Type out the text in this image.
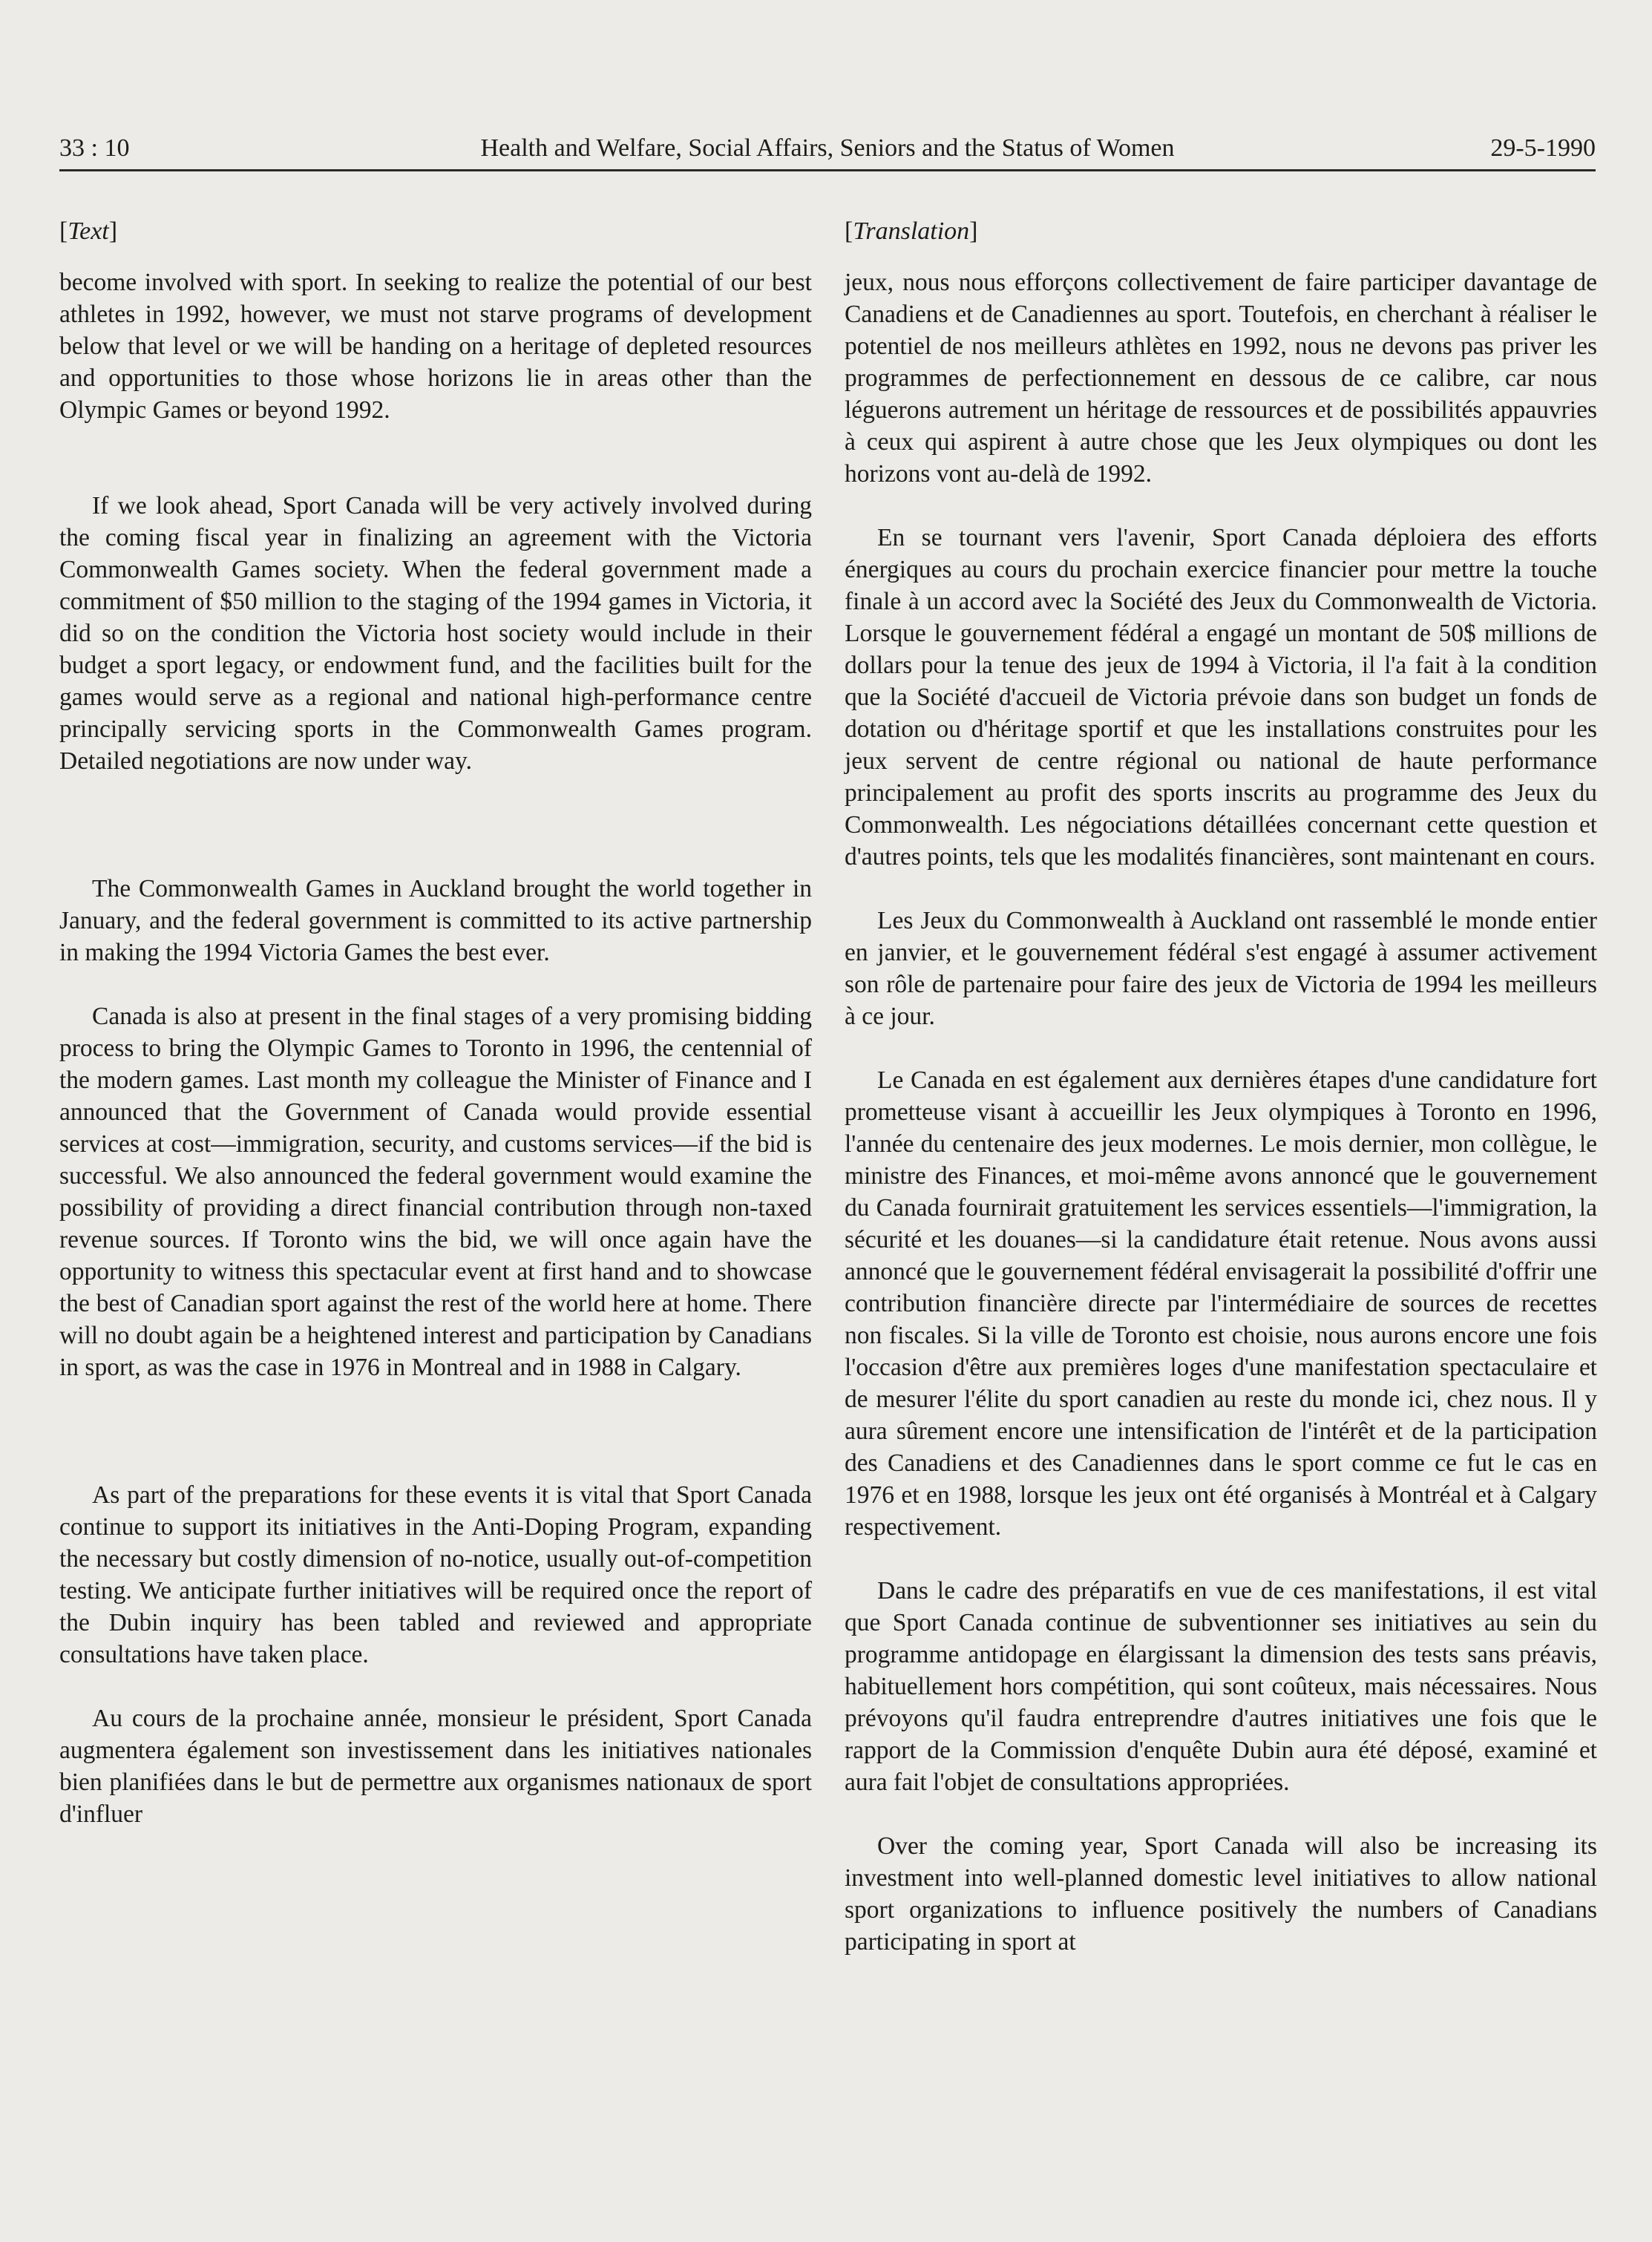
33 : 10	Health and Welfare, Social Affairs, Seniors and the Status of Women	29-5-1990

[Text]

become involved with sport. In seeking to realize the potential of our best athletes in 1992, however, we must not starve programs of development below that level or we will be handing on a heritage of depleted resources and opportunities to those whose horizons lie in areas other than the Olympic Games or beyond 1992.

If we look ahead, Sport Canada will be very actively involved during the coming fiscal year in finalizing an agreement with the Victoria Commonwealth Games society. When the federal government made a commitment of $50 million to the staging of the 1994 games in Victoria, it did so on the condition the Victoria host society would include in their budget a sport legacy, or endowment fund, and the facilities built for the games would serve as a regional and national high-performance centre principally servicing sports in the Commonwealth Games program. Detailed negotiations are now under way.

The Commonwealth Games in Auckland brought the world together in January, and the federal government is committed to its active partnership in making the 1994 Victoria Games the best ever.

Canada is also at present in the final stages of a very promising bidding process to bring the Olympic Games to Toronto in 1996, the centennial of the modern games. Last month my colleague the Minister of Finance and I announced that the Government of Canada would provide essential services at cost—immigration, security, and customs services—if the bid is successful. We also announced the federal government would examine the possibility of providing a direct financial contribution through non-taxed revenue sources. If Toronto wins the bid, we will once again have the opportunity to witness this spectacular event at first hand and to showcase the best of Canadian sport against the rest of the world here at home. There will no doubt again be a heightened interest and participation by Canadians in sport, as was the case in 1976 in Montreal and in 1988 in Calgary.

As part of the preparations for these events it is vital that Sport Canada continue to support its initiatives in the Anti-Doping Program, expanding the necessary but costly dimension of no-notice, usually out-of-competition testing. We anticipate further initiatives will be required once the report of the Dubin inquiry has been tabled and reviewed and appropriate consultations have taken place.

Au cours de la prochaine année, monsieur le président, Sport Canada augmentera également son investissement dans les initiatives nationales bien planifiées dans le but de permettre aux organismes nationaux de sport d'influer

[Translation]

jeux, nous nous efforçons collectivement de faire participer davantage de Canadiens et de Canadiennes au sport. Toutefois, en cherchant à réaliser le potentiel de nos meilleurs athlètes en 1992, nous ne devons pas priver les programmes de perfectionnement en dessous de ce calibre, car nous léguerons autrement un héritage de ressources et de possibilités appauvries à ceux qui aspirent à autre chose que les Jeux olympiques ou dont les horizons vont au-delà de 1992.

En se tournant vers l'avenir, Sport Canada déploiera des efforts énergiques au cours du prochain exercice financier pour mettre la touche finale à un accord avec la Société des Jeux du Commonwealth de Victoria. Lorsque le gouvernement fédéral a engagé un montant de 50$ millions de dollars pour la tenue des jeux de 1994 à Victoria, il l'a fait à la condition que la Société d'accueil de Victoria prévoie dans son budget un fonds de dotation ou d'héritage sportif et que les installations construites pour les jeux servent de centre régional ou national de haute performance principalement au profit des sports inscrits au programme des Jeux du Commonwealth. Les négociations détaillées concernant cette question et d'autres points, tels que les modalités financières, sont maintenant en cours.

Les Jeux du Commonwealth à Auckland ont rassemblé le monde entier en janvier, et le gouvernement fédéral s'est engagé à assumer activement son rôle de partenaire pour faire des jeux de Victoria de 1994 les meilleurs à ce jour.

Le Canada en est également aux dernières étapes d'une candidature fort prometteuse visant à accueillir les Jeux olympiques à Toronto en 1996, l'année du centenaire des jeux modernes. Le mois dernier, mon collègue, le ministre des Finances, et moi-même avons annoncé que le gouvernement du Canada fournirait gratuitement les services essentiels—l'immigration, la sécurité et les douanes—si la candidature était retenue. Nous avons aussi annoncé que le gouvernement fédéral envisagerait la possibilité d'offrir une contribution financière directe par l'intermédiaire de sources de recettes non fiscales. Si la ville de Toronto est choisie, nous aurons encore une fois l'occasion d'être aux premières loges d'une manifestation spectaculaire et de mesurer l'élite du sport canadien au reste du monde ici, chez nous. Il y aura sûrement encore une intensification de l'intérêt et de la participation des Canadiens et des Canadiennes dans le sport comme ce fut le cas en 1976 et en 1988, lorsque les jeux ont été organisés à Montréal et à Calgary respectivement.

Dans le cadre des préparatifs en vue de ces manifestations, il est vital que Sport Canada continue de subventionner ses initiatives au sein du programme antidopage en élargissant la dimension des tests sans préavis, habituellement hors compétition, qui sont coûteux, mais nécessaires. Nous prévoyons qu'il faudra entreprendre d'autres initiatives une fois que le rapport de la Commission d'enquête Dubin aura été déposé, examiné et aura fait l'objet de consultations appropriées.

Over the coming year, Sport Canada will also be increasing its investment into well-planned domestic level initiatives to allow national sport organizations to influence positively the numbers of Canadians participating in sport at
